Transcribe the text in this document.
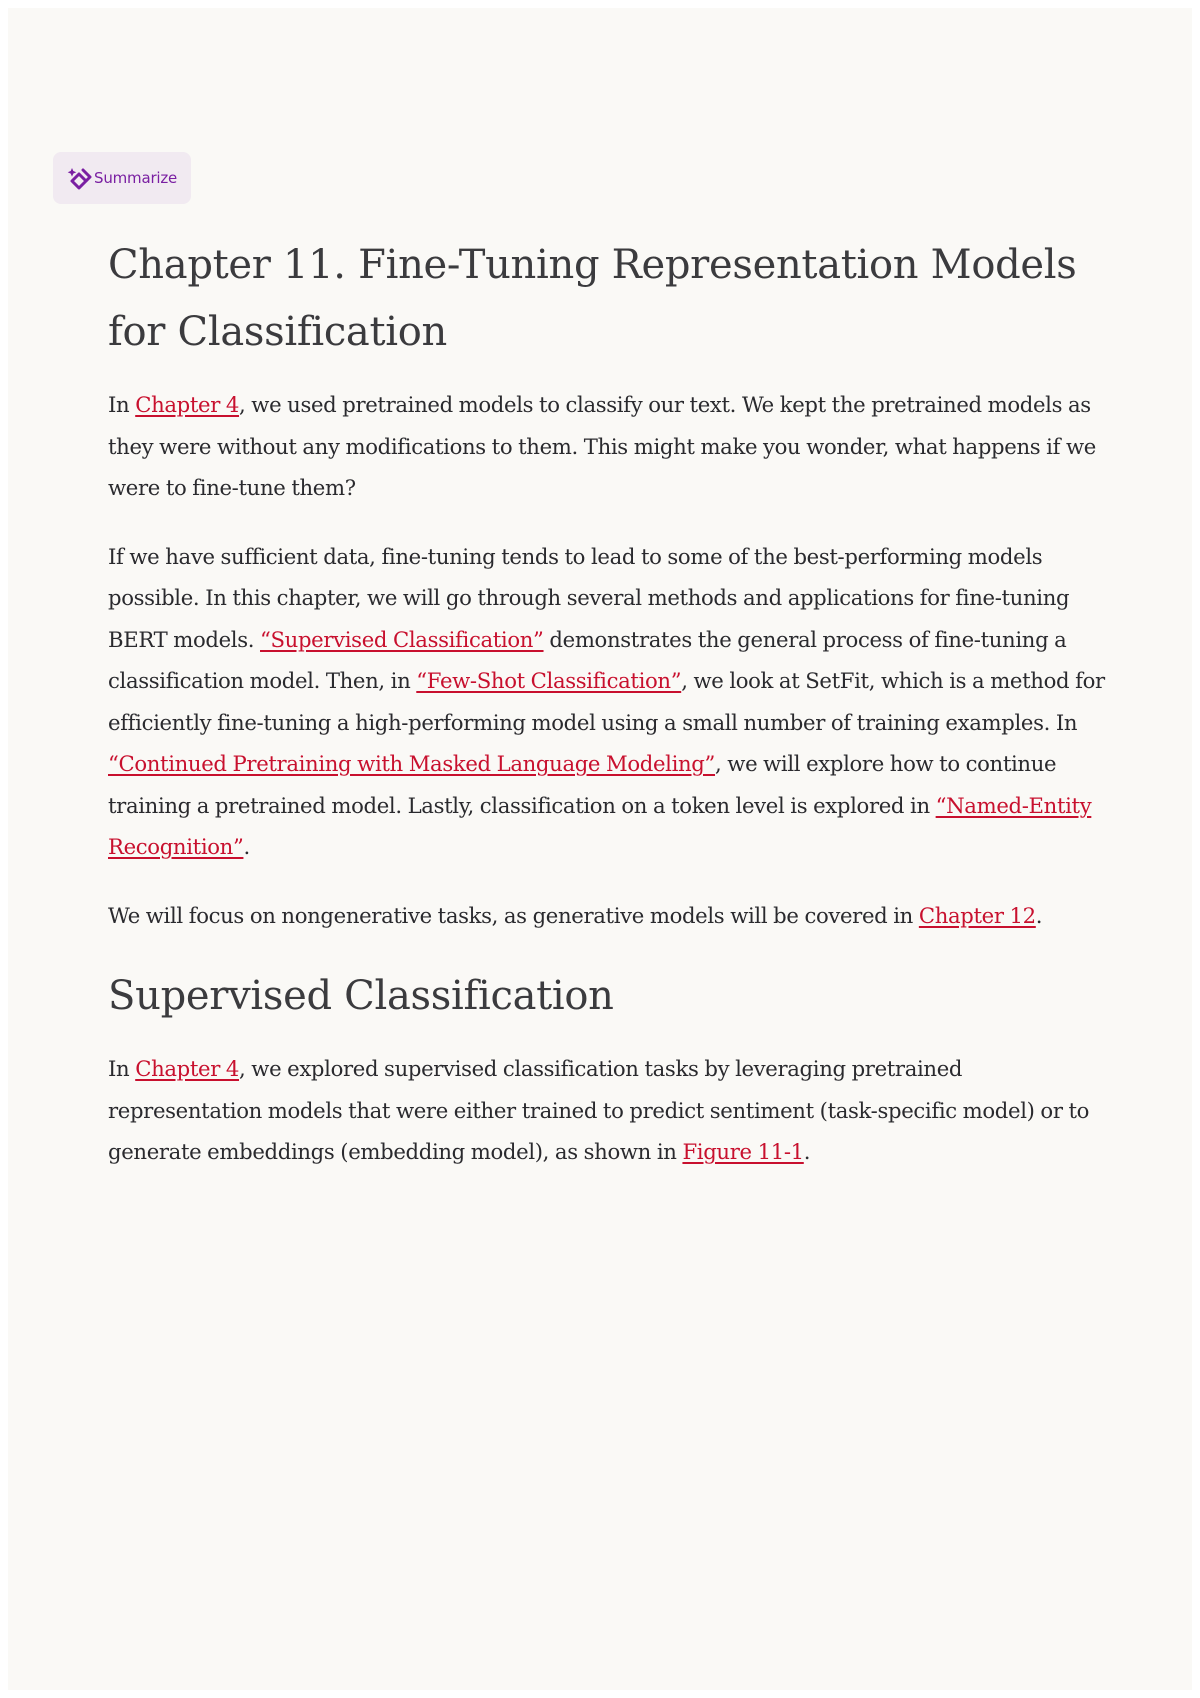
Summarize
Chapter 11. Fine-Tuning Representation Models for Classification

In Chapter 4, we used pretrained models to classify our text. We kept the pretrained models as they were without any modifications to them. This might make you wonder, what happens if we were to fine-tune them?

If we have sufficient data, fine-tuning tends to lead to some of the best-performing models possible. In this chapter, we will go through several methods and applications for fine-tuning BERT models. “Supervised Classification” demonstrates the general process of fine-tuning a classification model. Then, in “Few-Shot Classification”, we look at SetFit, which is a method for efficiently fine-tuning a high-performing model using a small number of training examples. In “Continued Pretraining with Masked Language Modeling”, we will explore how to continue training a pretrained model. Lastly, classification on a token level is explored in “Named-Entity Recognition”.

We will focus on nongenerative tasks, as generative models will be covered in Chapter 12.

Supervised Classification

In Chapter 4, we explored supervised classification tasks by leveraging pretrained representation models that were either trained to predict sentiment (task-specific model) or to generate embeddings (embedding model), as shown in Figure 11-1.
